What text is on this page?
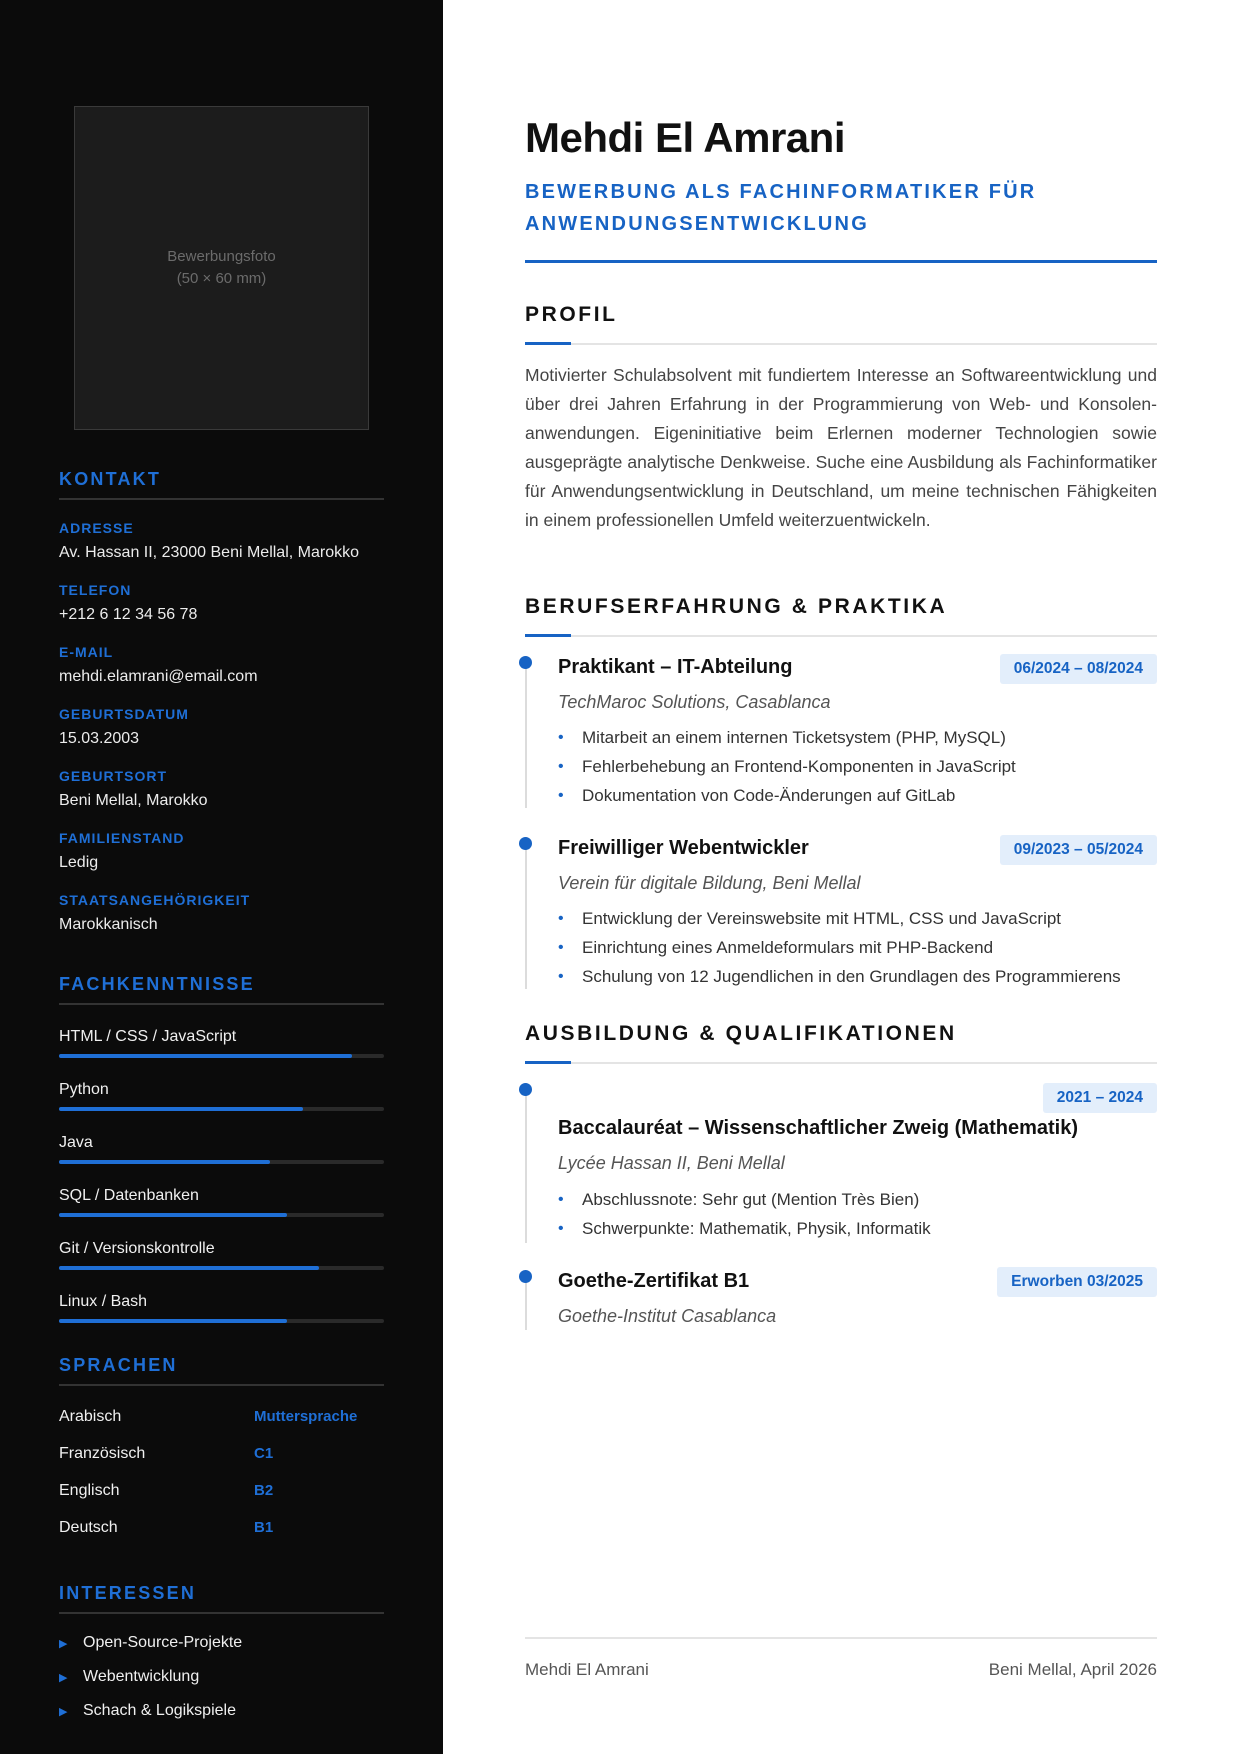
Bewerbungsfoto
(50 × 60 mm)
KONTAKT
ADRESSE
Av. Hassan II, 23000 Beni Mellal, Marokko
TELEFON
+212 6 12 34 56 78
E-MAIL
mehdi.elamrani@email.com
GEBURTSDATUM
15.03.2003
GEBURTSORT
Beni Mellal, Marokko
FAMILIENSTAND
Ledig
STAATSANGEHÖRIGKEIT
Marokkanisch
FACHKENNTNISSE
HTML / CSS / JavaScript
Python
Java
SQL / Datenbanken
Git / Versionskontrolle
Linux / Bash
SPRACHEN
Arabisch	Muttersprache
Französisch	C1
Englisch	B2
Deutsch	B1
INTERESSEN
▶ Open-Source-Projekte
▶ Webentwicklung
▶ Schach & Logikspiele
Mehdi El Amrani
BEWERBUNG ALS FACHINFORMATIKER FÜR ANWENDUNGSENTWICKLUNG
PROFIL

Motivierter Schulabsolvent mit fundiertem Interesse an Softwareentwicklung und über drei Jahren Erfahrung in der Programmierung von Web- und Konsolen-anwendungen. Eigeninitiative beim Erlernen moderner Technologien sowie ausgeprägte analytische Denkweise. Suche eine Ausbildung als Fachinformatiker für Anwendungsentwicklung in Deutschland, um meine technischen Fähigkeiten in einem professionellen Umfeld weiterzuentwickeln.

BERUFSERFAHRUNG & PRAKTIKA
Praktikant – IT-Abteilung	06/2024 – 08/2024
TechMaroc Solutions, Casablanca
• Mitarbeit an einem internen Ticketsystem (PHP, MySQL)
• Fehlerbehebung an Frontend-Komponenten in JavaScript
• Dokumentation von Code-Änderungen auf GitLab
Freiwilliger Webentwickler	09/2023 – 05/2024
Verein für digitale Bildung, Beni Mellal
• Entwicklung der Vereinswebsite mit HTML, CSS und JavaScript
• Einrichtung eines Anmeldeformulars mit PHP-Backend
• Schulung von 12 Jugendlichen in den Grundlagen des Programmierens
AUSBILDUNG & QUALIFIKATIONEN
2021 – 2024
Baccalauréat – Wissenschaftlicher Zweig (Mathematik)
Lycée Hassan II, Beni Mellal
• Abschlussnote: Sehr gut (Mention Très Bien)
• Schwerpunkte: Mathematik, Physik, Informatik
Goethe-Zertifikat B1	Erworben 03/2025
Goethe-Institut Casablanca
Mehdi El Amrani	Beni Mellal, April 2026
